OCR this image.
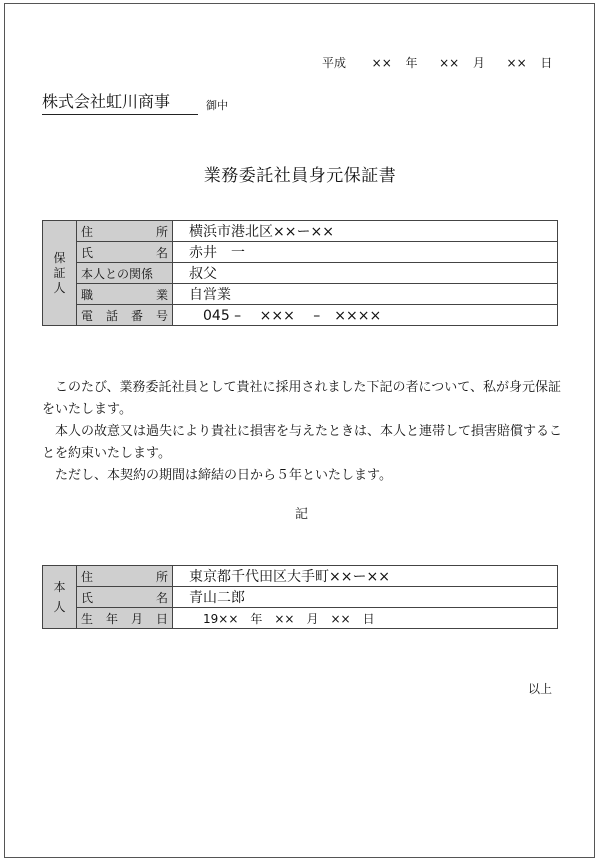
平成 ×× 年 ×× 月 ×× 日
株式会社虹川商事	御中
業務委託社員身元保証書
保
証
人	住 所	横浜市港北区××ー××

	氏 名	赤井　一

	本人との関係	叔父

	職 業	自営業

	電 話 番 号	045 –　 ×××　 –　××××

　このたび、業務委託社員として貴社に採用されました下記の者について、私が身元保証をいたします。

　本人の故意又は過失により貴社に損害を与えたときは、本人と連帯して損害賠償することを約束いたします。

　ただし、本契約の期間は締結の日から５年といたします。

記
本
人	住 所	東京都千代田区大手町××ー××

	氏 名	青山二郎

	生 年 月 日	19××　年　××　月　××　日
以上
